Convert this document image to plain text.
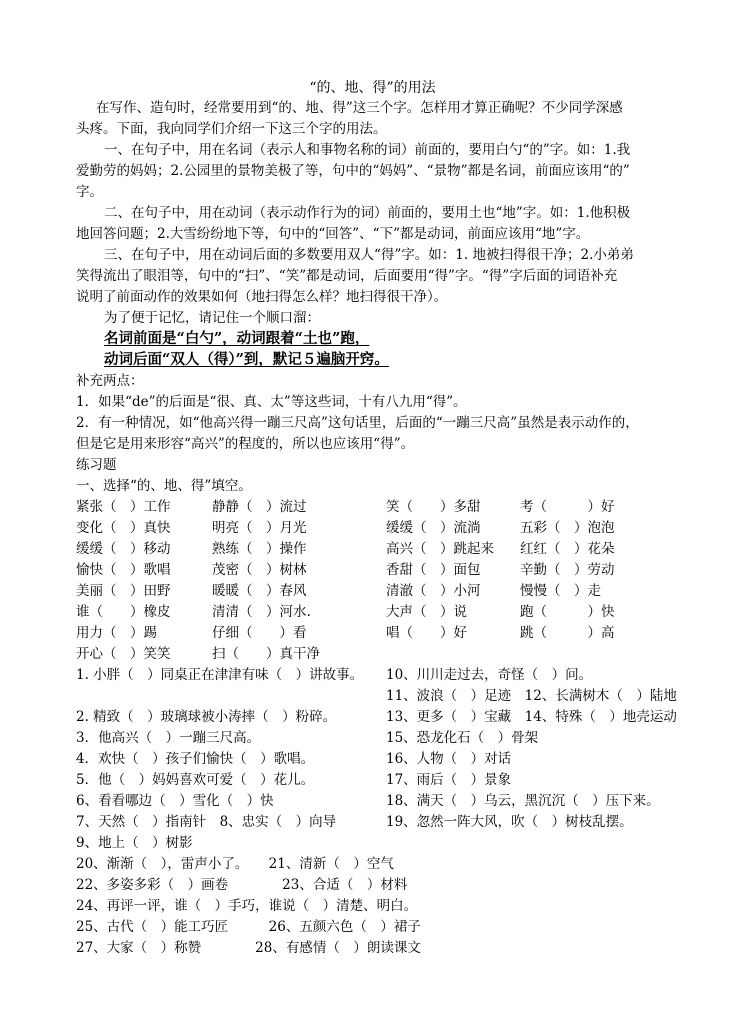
“的、地、得”的用法
在写作、造句时，经常要用到“的、地、得”这三个字。怎样用才算正确呢？不少同学深感
头疼。下面，我向同学们介绍一下这三个字的用法。
一、在句子中，用在名词（表示人和事物名称的词）前面的，要用白勺“的”字。如：1.我
爱勤劳的妈妈；2.公园里的景物美极了等，句中的“妈妈”、“景物”都是名词，前面应该用“的”
字。
二、在句子中，用在动词（表示动作行为的词）前面的，要用土也“地”字。如：1.他积极
地回答问题；2.大雪纷纷地下等，句中的“回答”、“下”都是动词，前面应该用“地”字。
三、在句子中，用在动词后面的多数要用双人“得”字。如：1. 地被扫得很干净；2.小弟弟
笑得流出了眼泪等，句中的“扫”、“笑”都是动词，后面要用“得”字。“得”字后面的词语补充
说明了前面动作的效果如何（地扫得怎么样？地扫得很干净）。
为了便于记忆，请记住一个顺口溜：
名词前面是“白勺”，动词跟着“土也”跑，
动词后面“双人（得）”到，默记５遍脑开窍。
补充两点：
1．如果“de”的后面是“很、真、太”等这些词，十有八九用“得”。
2．有一种情况，如“他高兴得一蹦三尺高”这句话里，后面的“一蹦三尺高”虽然是表示动作的，
但是它是用来形容“高兴”的程度的，所以也应该用“得”。
练习题
一、选择“的、地、得”填空。
紧张（　）工作	静静（　）流过	笑（　　）多甜	考（　　　）好
变化（　）真快	明亮（　）月光	缓缓（　）流淌	五彩（　）泡泡
缓缓（　）移动	熟练（　）操作	高兴（　）跳起来 红红（　）花朵
愉快（　）歌唱	茂密（　）树林	香甜（　）面包	辛勤（　）劳动
美丽（　）田野	暖暖（　）春风	清澈（　）小河	慢慢（　）走
谁（　　）橡皮	清清（　）河水.	大声（　）说	跑（　　　）快
用力（　）踢	仔细（　　）看	唱（　　）好	跳（　　　）高
开心（　）笑笑	扫（　　）真干净
1. 小胖（　）同桌正在津津有味（　）讲故事。 10、川川走过去，奇怪（　）问。
11、波浪（　）足迹　12、长满树木（　）陆地
2. 精致（　）玻璃球被小涛摔（　）粉碎。	13、更多（　）宝藏　14、特殊（　）地壳运动
3．他高兴（　）一蹦三尺高。	15、恐龙化石（　）骨架
4．欢快（　）孩子们愉快（　）歌唱。	16、人物（　）对话
5．他（　）妈妈喜欢可爱（　）花儿。	17、雨后（　）景象
6、看看哪边（　）雪化（　）快	18、满天（　）乌云，黑沉沉（　）压下来。
7、天然（　）指南针　8、忠实（　）向导	19、忽然一阵大风，吹（　）树枝乱摆。
9、地上（　）树影
20、渐渐（　），雷声小了。　　21、清新（　）空气
22、多姿多彩（　）画卷　　　　23、合适（　）材料
24、再评一评，谁（　）手巧，谁说（　）清楚、明白。
25、古代（　）能工巧匠　　　26、五颜六色（　）裙子
27、大家（　）称赞　　　　28、有感情（　）朗读课文
